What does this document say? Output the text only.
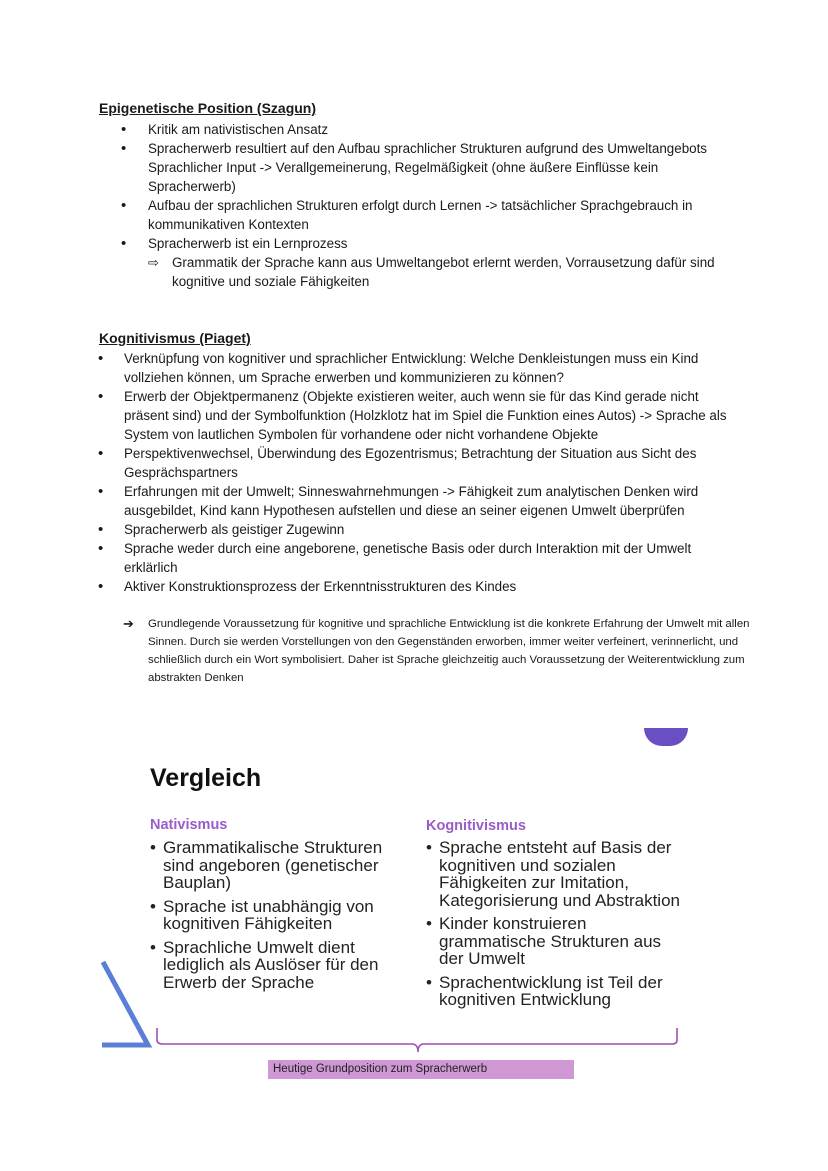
Epigenetische Position (Szagun)
• Kritik am nativistischen Ansatz
• Spracherwerb resultiert auf den Aufbau sprachlicher Strukturen aufgrund des Umweltangebots
Sprachlicher Input -> Verallgemeinerung, Regelmäßigkeit (ohne äußere Einflüsse kein Spracherwerb)
• Aufbau der sprachlichen Strukturen erfolgt durch Lernen -> tatsächlicher Sprachgebrauch in kommunikativen Kontexten
• Spracherwerb ist ein Lernprozess
⇨ Grammatik der Sprache kann aus Umweltangebot erlernt werden, Vorrausetzung dafür sind kognitive und soziale Fähigkeiten
Kognitivismus (Piaget)
• Verknüpfung von kognitiver und sprachlicher Entwicklung: Welche Denkleistungen muss ein Kind vollziehen können, um Sprache erwerben und kommunizieren zu können?
• Erwerb der Objektpermanenz (Objekte existieren weiter, auch wenn sie für das Kind gerade nicht präsent sind) und der Symbolfunktion (Holzklotz hat im Spiel die Funktion eines Autos) -> Sprache als System von lautlichen Symbolen für vorhandene oder nicht vorhandene Objekte
• Perspektivenwechsel, Überwindung des Egozentrismus; Betrachtung der Situation aus Sicht des Gesprächspartners
• Erfahrungen mit der Umwelt; Sinneswahrnehmungen -> Fähigkeit zum analytischen Denken wird ausgebildet, Kind kann Hypothesen aufstellen und diese an seiner eigenen Umwelt überprüfen
• Spracherwerb als geistiger Zugewinn
• Sprache weder durch eine angeborene, genetische Basis oder durch Interaktion mit der Umwelt erklärlich
• Aktiver Konstruktionsprozess der Erkenntnisstrukturen des Kindes
➔ Grundlegende Voraussetzung für kognitive und sprachliche Entwicklung ist die konkrete Erfahrung der Umwelt mit allen Sinnen. Durch sie werden Vorstellungen von den Gegenständen erworben, immer weiter verfeinert, verinnerlicht, und schließlich durch ein Wort symbolisiert. Daher ist Sprache gleichzeitig auch Voraussetzung der Weiterentwicklung zum abstrakten Denken
Vergleich
Nativismus
• Grammatikalische Strukturen sind angeboren (genetischer Bauplan)
• Sprache ist unabhängig von kognitiven Fähigkeiten
• Sprachliche Umwelt dient lediglich als Auslöser für den Erwerb der Sprache
Kognitivismus
• Sprache entsteht auf Basis der kognitiven und sozialen Fähigkeiten zur Imitation, Kategorisierung und Abstraktion
• Kinder konstruieren grammatische Strukturen aus der Umwelt
• Sprachentwicklung ist Teil der kognitiven Entwicklung
Heutige Grundposition zum Spracherwerb
